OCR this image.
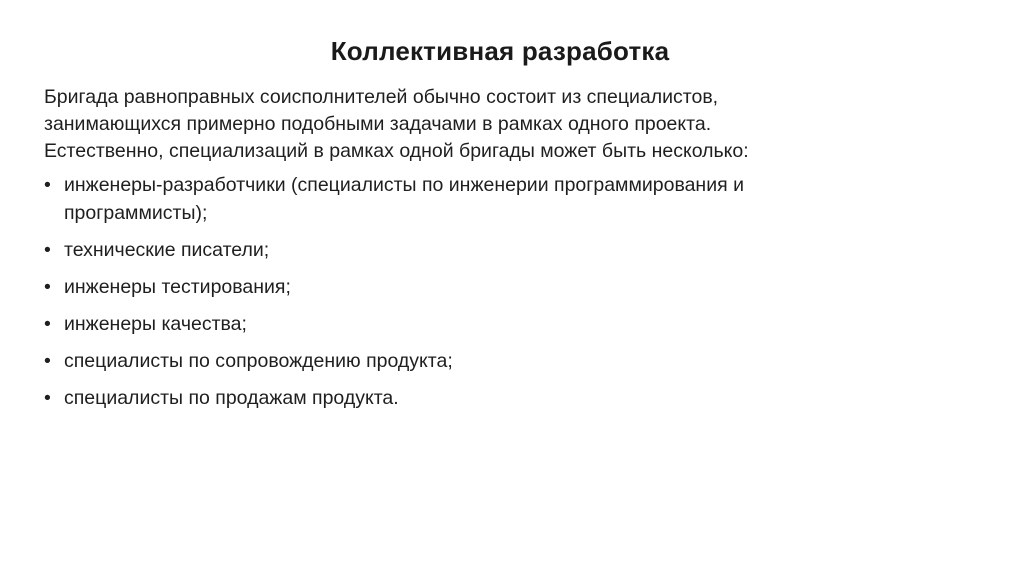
Коллективная разработка

Бригада равноправных соисполнителей обычно состоит из специалистов,
занимающихся примерно подобными задачами в рамках одного проекта.
Естественно, специализаций в рамках одной бригады может быть несколько:

• инженеры-разработчики (специалисты по инженерии программирования и
программисты);
• технические писатели;
• инженеры тестирования;
• инженеры качества;
• специалисты по сопровождению продукта;
• специалисты по продажам продукта.
